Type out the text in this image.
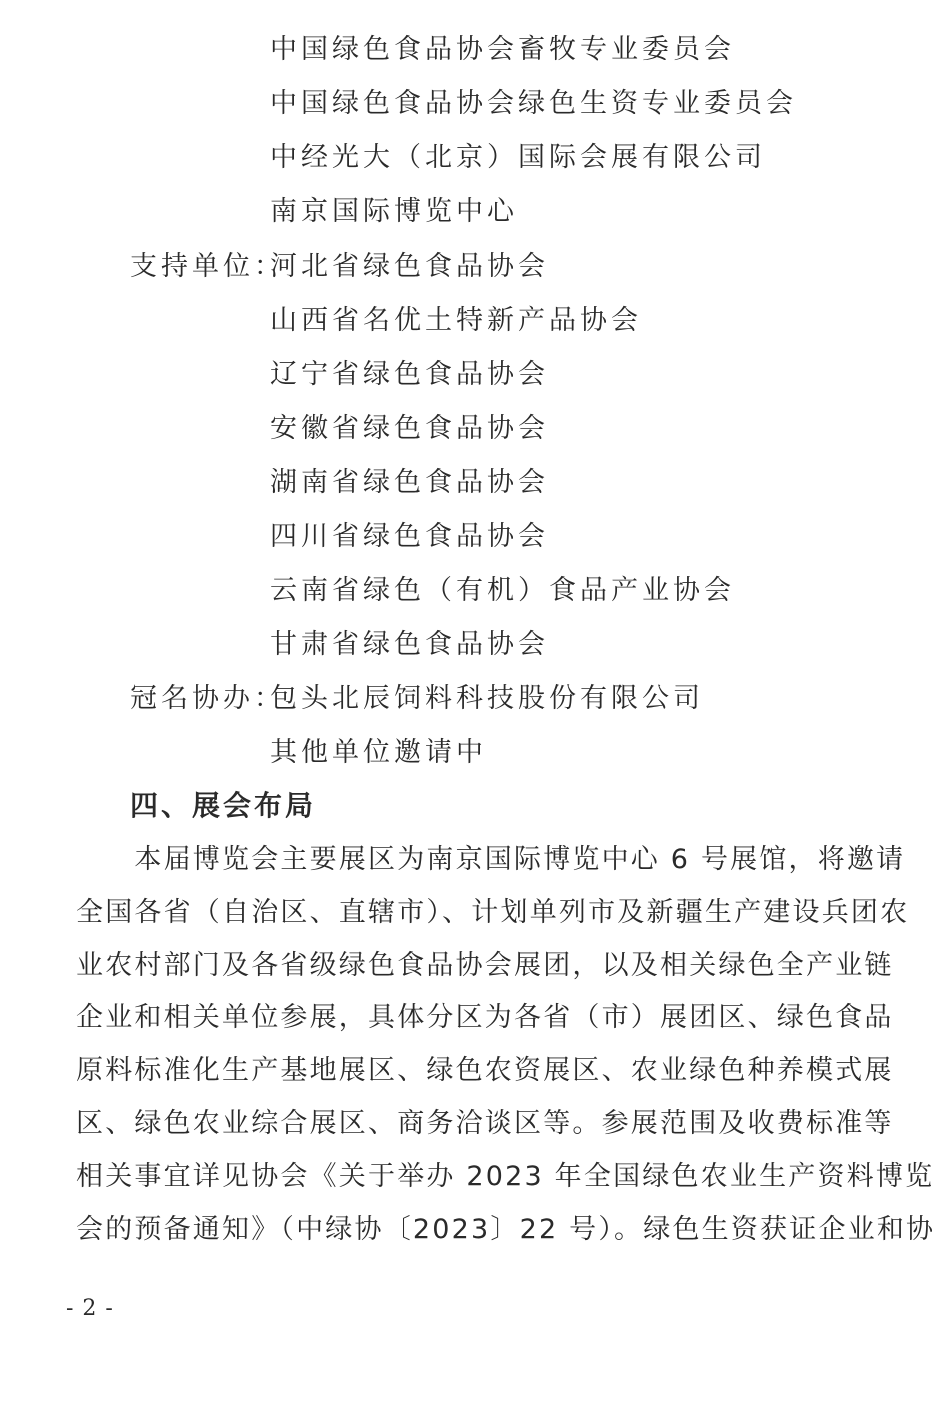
中国绿色食品协会畜牧专业委员会
中国绿色食品协会绿色生资专业委员会
中经光大（北京）国际会展有限公司
南京国际博览中心
支持单位：
河北省绿色食品协会
山西省名优土特新产品协会
辽宁省绿色食品协会
安徽省绿色食品协会
湖南省绿色食品协会
四川省绿色食品协会
云南省绿色（有机）食品产业协会
甘肃省绿色食品协会
冠名协办：
包头北辰饲料科技股份有限公司
其他单位邀请中
四、展会布局
　　本届博览会主要展区为南京国际博览中心 6 号展馆，将邀请
全国各省（自治区、直辖市）、计划单列市及新疆生产建设兵团农
业农村部门及各省级绿色食品协会展团，以及相关绿色全产业链
企业和相关单位参展，具体分区为各省（市）展团区、绿色食品
原料标准化生产基地展区、绿色农资展区、农业绿色种养模式展
区、绿色农业综合展区、商务洽谈区等。参展范围及收费标准等
相关事宜详见协会《关于举办 2023 年全国绿色农业生产资料博览
会的预备通知》（中绿协〔2023〕22 号）。绿色生资获证企业和协
- 2 -
